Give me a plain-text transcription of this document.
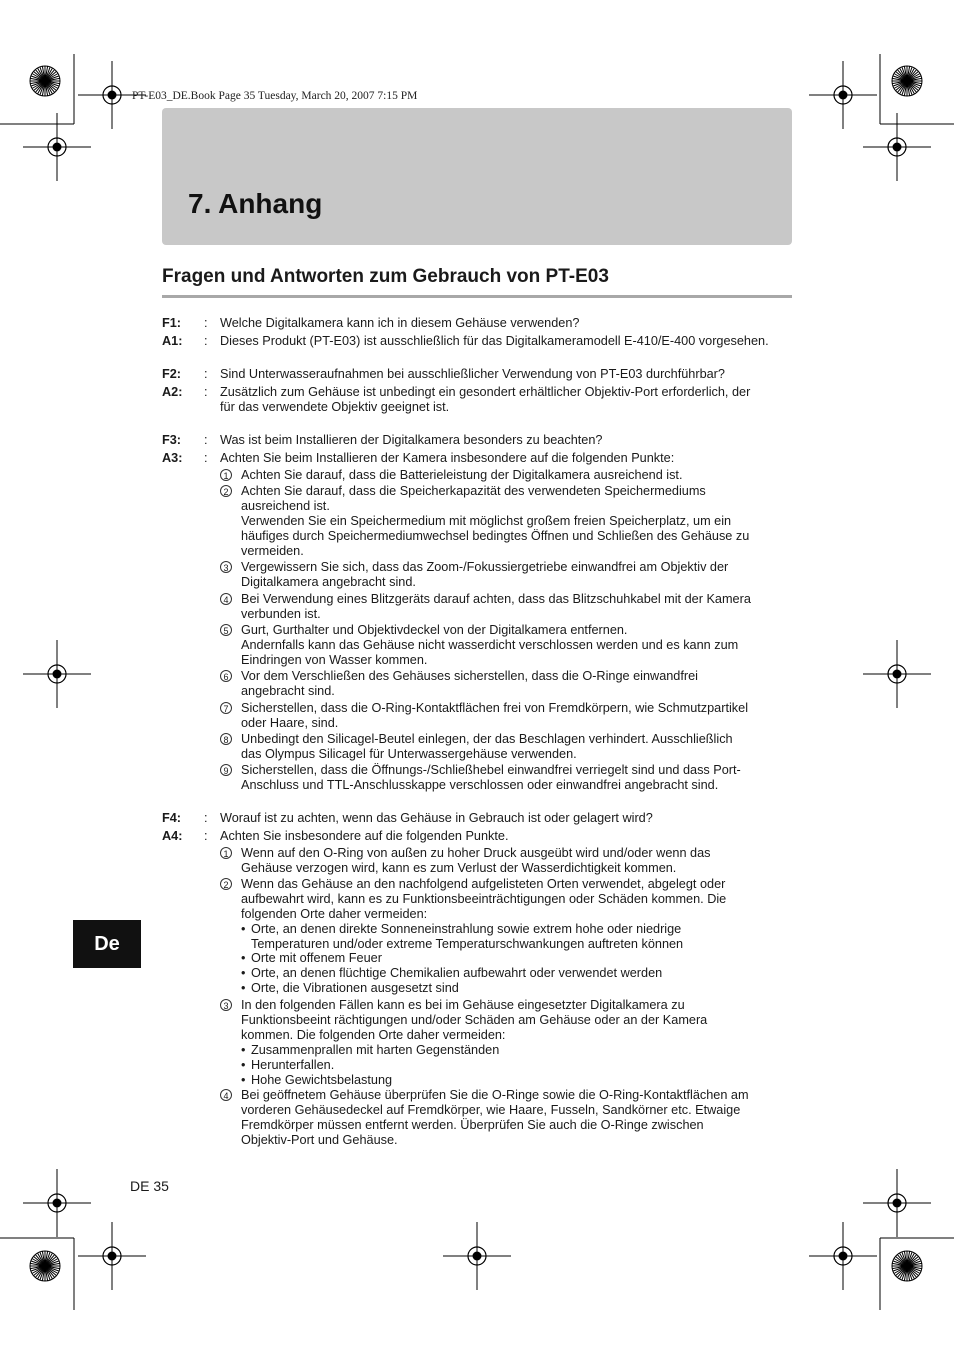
PT-E03_DE.Book Page 35 Tuesday, March 20, 2007 7:15 PM
7. Anhang
Fragen und Antworten zum Gebrauch von PT-E03
F1: : Welche Digitalkamera kann ich in diesem Gehäuse verwenden?
A1: : Dieses Produkt (PT-E03) ist ausschließlich für das Digitalkameramodell E-410/E-400 vorgesehen.
F2: : Sind Unterwasseraufnahmen bei ausschließlicher Verwendung von PT-E03 durchführbar?
A2: : Zusätzlich zum Gehäuse ist unbedingt ein gesondert erhältlicher Objektiv-Port erforderlich, der
für das verwendete Objektiv geeignet ist.
F3: : Was ist beim Installieren der Digitalkamera besonders zu beachten?
A3: : Achten Sie beim Installieren der Kamera insbesondere auf die folgenden Punkte:
1 Achten Sie darauf, dass die Batterieleistung der Digitalkamera ausreichend ist.
2 Achten Sie darauf, dass die Speicherkapazität des verwendeten Speichermediums
ausreichend ist.
Verwenden Sie ein Speichermedium mit möglichst großem freien Speicherplatz, um ein
häufiges durch Speichermediumwechsel bedingtes Öffnen und Schließen des Gehäuse zu
vermeiden.
3 Vergewissern Sie sich, dass das Zoom-/Fokussiergetriebe einwandfrei am Objektiv der
Digitalkamera angebracht sind.
4 Bei Verwendung eines Blitzgeräts darauf achten, dass das Blitzschuhkabel mit der Kamera
verbunden ist.
5 Gurt, Gurthalter und Objektivdeckel von der Digitalkamera entfernen.
Andernfalls kann das Gehäuse nicht wasserdicht verschlossen werden und es kann zum
Eindringen von Wasser kommen.
6 Vor dem Verschließen des Gehäuses sicherstellen, dass die O-Ringe einwandfrei
angebracht sind.
7 Sicherstellen, dass die O-Ring-Kontaktflächen frei von Fremdkörpern, wie Schmutzpartikel
oder Haare, sind.
8 Unbedingt den Silicagel-Beutel einlegen, der das Beschlagen verhindert. Ausschließlich
das Olympus Silicagel für Unterwassergehäuse verwenden.
9 Sicherstellen, dass die Öffnungs-/Schließhebel einwandfrei verriegelt sind und dass Port-
Anschluss und TTL-Anschlusskappe verschlossen oder einwandfrei angebracht sind.
F4: : Worauf ist zu achten, wenn das Gehäuse in Gebrauch ist oder gelagert wird?
A4: : Achten Sie insbesondere auf die folgenden Punkte.
1 Wenn auf den O-Ring von außen zu hoher Druck ausgeübt wird und/oder wenn das
Gehäuse verzogen wird, kann es zum Verlust der Wasserdichtigkeit kommen.
2 Wenn das Gehäuse an den nachfolgend aufgelisteten Orten verwendet, abgelegt oder
aufbewahrt wird, kann es zu Funktionsbeeinträchtigungen oder Schäden kommen. Die
folgenden Orte daher vermeiden:
• Orte, an denen direkte Sonneneinstrahlung sowie extrem hohe oder niedrige
Temperaturen und/oder extreme Temperaturschwankungen auftreten können
• Orte mit offenem Feuer
• Orte, an denen flüchtige Chemikalien aufbewahrt oder verwendet werden
• Orte, die Vibrationen ausgesetzt sind
3 In den folgenden Fällen kann es bei im Gehäuse eingesetzter Digitalkamera zu
Funktionsbeeint rächtigungen und/oder Schäden am Gehäuse oder an der Kamera
kommen. Die folgenden Orte daher vermeiden:
• Zusammenprallen mit harten Gegenständen
• Herunterfallen.
• Hohe Gewichtsbelastung
4 Bei geöffnetem Gehäuse überprüfen Sie die O-Ringe sowie die O-Ring-Kontaktflächen am
vorderen Gehäusedeckel auf Fremdkörper, wie Haare, Fusseln, Sandkörner etc. Etwaige
Fremdkörper müssen entfernt werden. Überprüfen Sie auch die O-Ringe zwischen
Objektiv-Port und Gehäuse.
De
DE 35
